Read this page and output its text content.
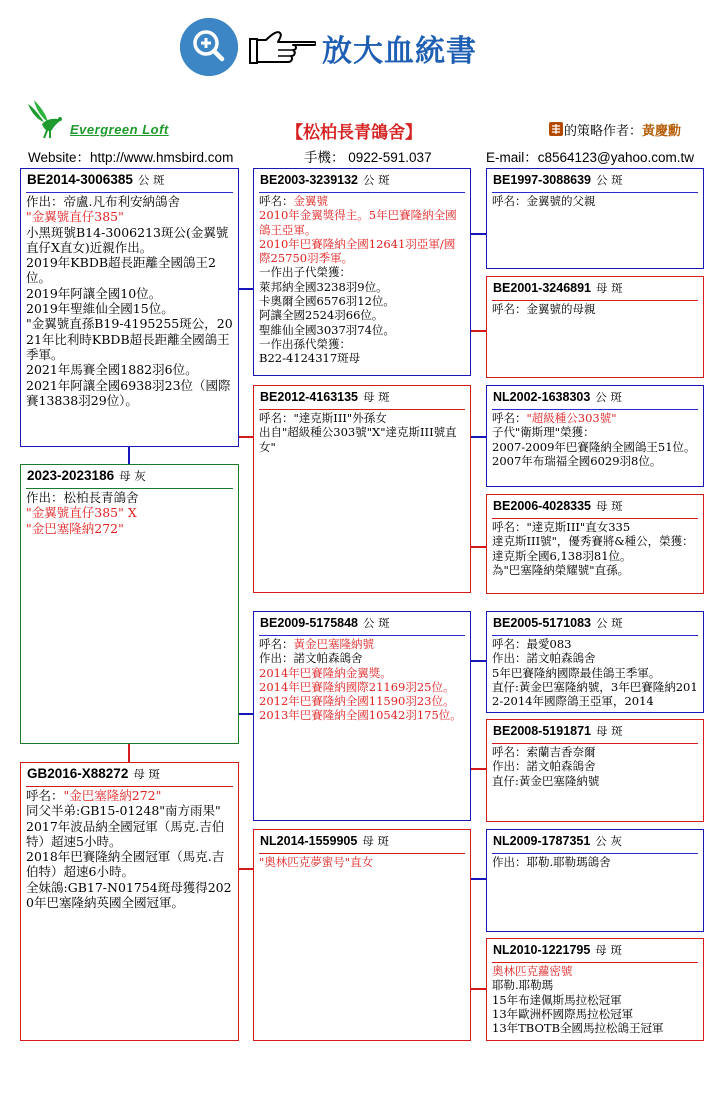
放大血統書
Evergreen Loft	【松柏長青鴿舍】	的策略作者：黃慶勳
Website：http://www.hmsbird.com	手機： 0922-591.037	E-mail：c8564123@yahoo.com.tw
BE2014-3006385 公 斑
作出：帝盧.凡布利安納鴿舍
"金翼號直仔385"
小黑斑號B14-3006213斑公(金翼號直仔X直女)近親作出。
2019年KBDB超長距離全國鴿王2位。
2019年阿讓全國10位。
2019年聖維仙全國15位。
"金翼號直孫B19-4195255斑公，2021年比利時KBDB超長距離全國鴿王季軍。
2021年馬賽全國1882羽6位。
2021年阿讓全國6938羽23位（國際賽13838羽29位）。
2023-2023186 母 灰
作出：松柏長青鴿舍
"金翼號直仔385" X
"金巴塞隆納272"
GB2016-X88272 母 斑
呼名："金巴塞隆納272"
同父半弟:GB15-01248"南方雨果"
2017年波品納全國冠軍（馬克.吉伯特）超速5小時。
2018年巴賽隆納全國冠軍（馬克.吉伯特）超速6小時。
全妹鴿:GB17-N01754斑母獲得2020年巴塞隆納英國全國冠軍。
BE2003-3239132 公 斑
呼名：金翼號
2010年金翼獎得主。5年巴賽隆納全國鴿王亞軍。
2010年巴賽隆納全國12641羽亞軍/國際25750羽季軍。
一作出子代榮獲：
萊邦納全國3238羽9位。
卡奧爾全國6576羽12位。
阿讓全國2524羽66位。
聖維仙全國3037羽74位。
一作出孫代榮獲：
B22-4124317斑母
BE2012-4163135 母 斑
呼名："達克斯III"外孫女
出自"超級種公303號"X"達克斯III號直女"
BE2009-5175848 公 斑
呼名：黃金巴塞隆納號
作出：諾文帕森鴿舍
2014年巴賽隆納金翼獎。
2014年巴賽隆納國際21169羽25位。
2012年巴賽隆納全國11590羽23位。
2013年巴賽隆納全國10542羽175位。
NL2014-1559905 母 斑
"奧林匹克夢蜜号"直女
BE1997-3088639 公 斑
呼名：金翼號的父親
BE2001-3246891 母 斑
呼名：金翼號的母親
NL2002-1638303 公 斑
呼名："超級種公303號"
子代"衛斯理"榮獲：
2007-2009年巴賽隆納全國鴿王51位。
2007年布瑞福全國6029羽8位。
BE2006-4028335 母 斑
呼名："達克斯III"直女335
達克斯III號"，優秀賽將&種公，榮獲：
達克斯全國6,138羽81位。
為"巴塞隆納榮耀號"直孫。
BE2005-5171083 公 斑
呼名：最愛083
作出：諾文帕森鴿舍
5年巴賽隆納國際最佳鴿王季軍。
直仔:黃金巴塞隆納號，3年巴賽隆納2012-2014年國際鴿王亞軍，2014
BE2008-5191871 母 斑
呼名：索蘭吉香奈爾
作出：諾文帕森鴿舍
直仔:黃金巴塞隆納號
NL2009-1787351 公 灰
作出：耶勒.耶勒瑪鴿舍
NL2010-1221795 母 斑
奧林匹克蘿密號
耶勒.耶勒瑪
15年布達佩斯馬拉松冠軍
13年歐洲杯國際馬拉松冠軍
13年TBOTB全國馬拉松鴿王冠軍
